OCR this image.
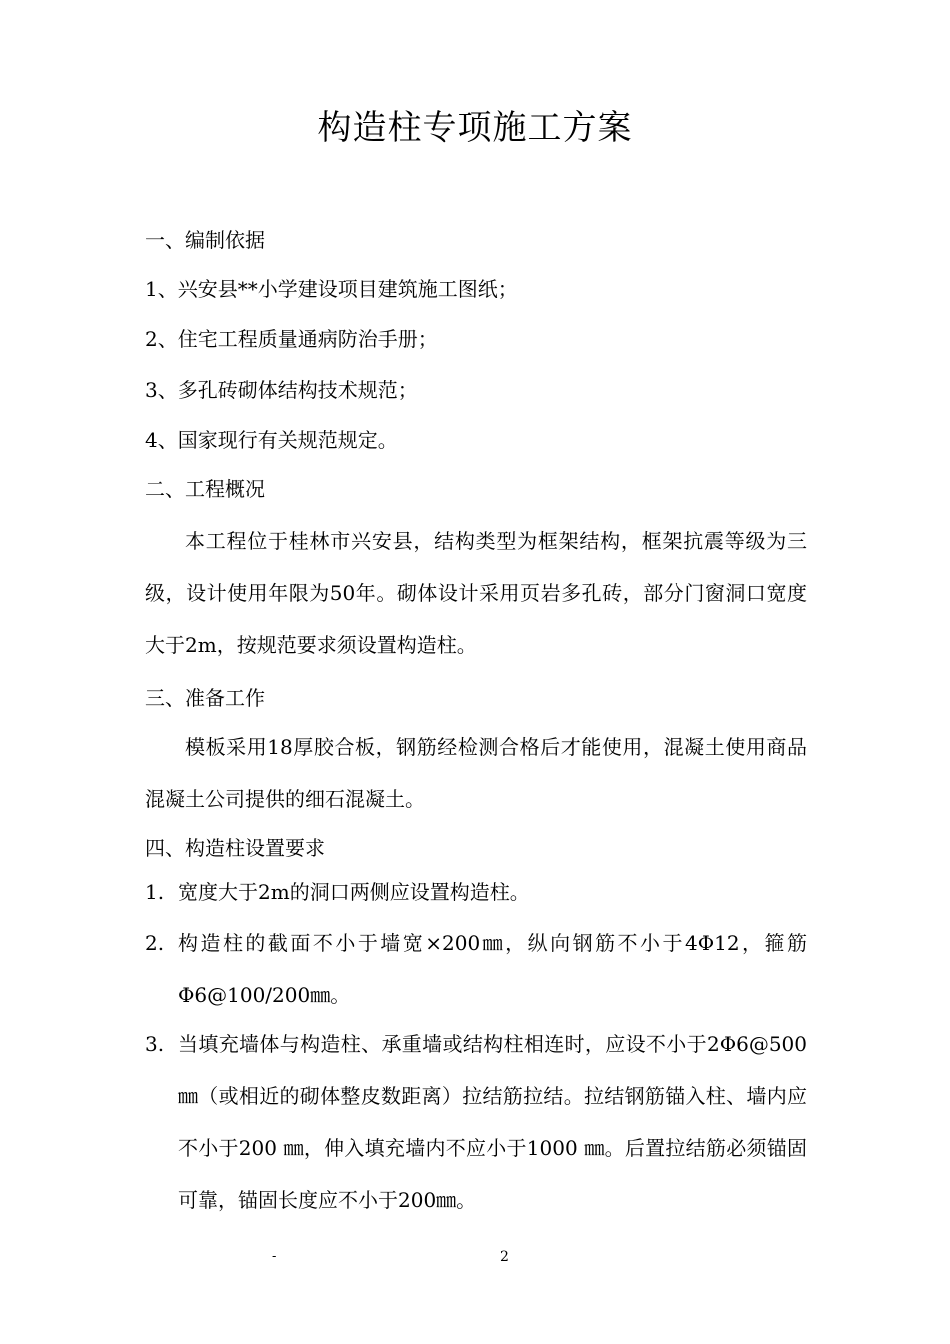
构造柱专项施工方案
一、编制依据
1、兴安县**小学建设项目建筑施工图纸；
2、住宅工程质量通病防治手册；
3、多孔砖砌体结构技术规范；
4、国家现行有关规范规定。
二、工程概况
本工程位于桂林市兴安县，结构类型为框架结构，框架抗震等级为三级，设计使用年限为50年。砌体设计采用页岩多孔砖，部分门窗洞口宽度大于2m，按规范要求须设置构造柱。
三、准备工作
模板采用18厚胶合板，钢筋经检测合格后才能使用，混凝土使用商品混凝土公司提供的细石混凝土。
四、构造柱设置要求
1. 宽度大于2m的洞口两侧应设置构造柱。
2. 构造柱的截面不小于墙宽×200㎜，纵向钢筋不小于4Φ12，箍筋Φ6@100/200㎜。
3. 当填充墙体与构造柱、承重墙或结构柱相连时，应设不小于2Φ6@500 ㎜（或相近的砌体整皮数距离）拉结筋拉结。拉结钢筋锚入柱、墙内应不小于200 ㎜，伸入填充墙内不应小于1000 ㎜。后置拉结筋必须锚固可靠，锚固长度应不小于200㎜。
-	2
